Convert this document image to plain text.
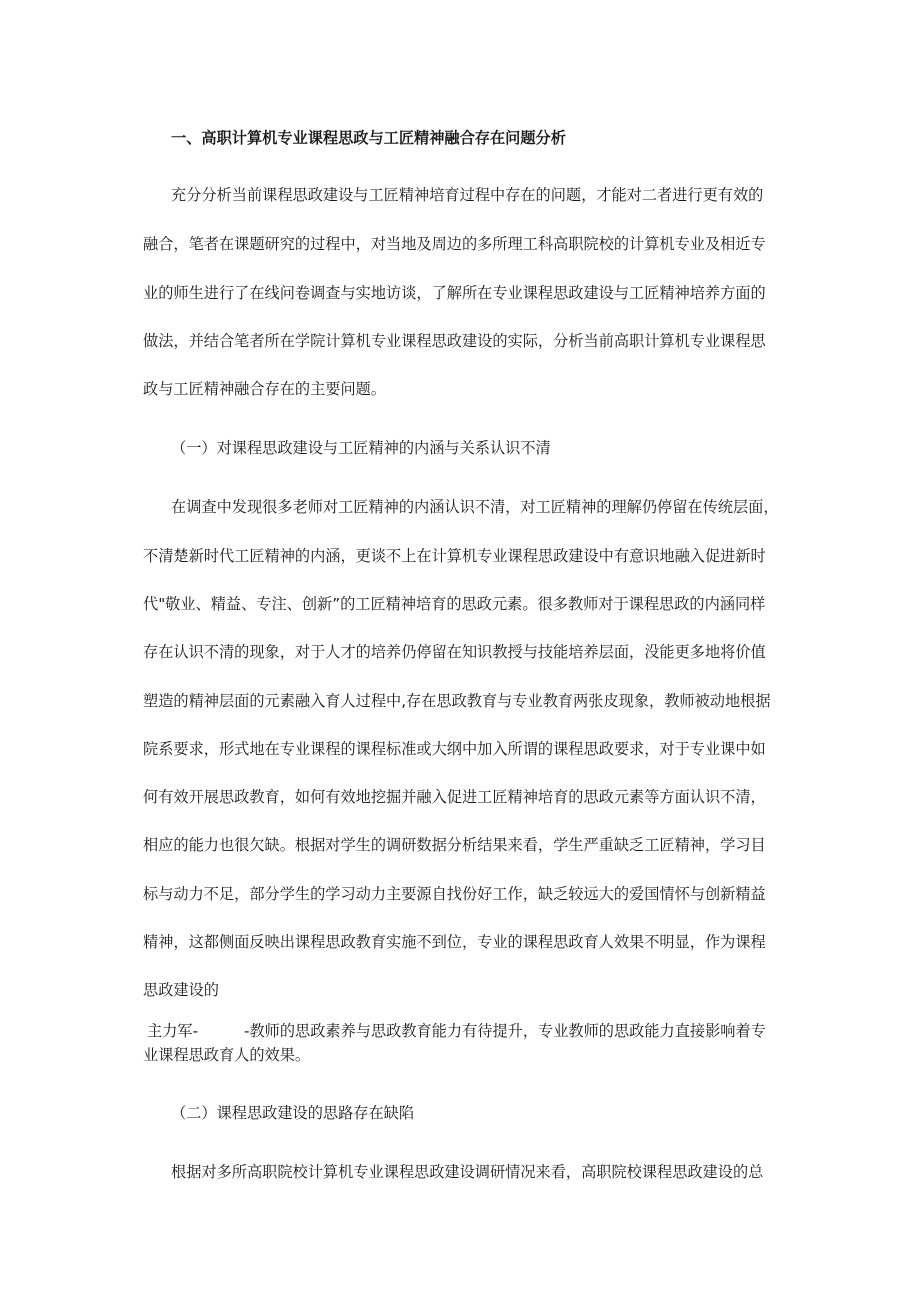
一、高职计算机专业课程思政与工匠精神融合存在问题分析
充分分析当前课程思政建设与工匠精神培育过程中存在的问题，才能对二者进行更有效的
融合，笔者在课题研究的过程中，对当地及周边的多所理工科高职院校的计算机专业及相近专
业的师生进行了在线问卷调查与实地访谈，了解所在专业课程思政建设与工匠精神培养方面的
做法，并结合笔者所在学院计算机专业课程思政建设的实际，分析当前高职计算机专业课程思
政与工匠精神融合存在的主要问题。
（一）对课程思政建设与工匠精神的内涵与关系认识不清
在调查中发现很多老师对工匠精神的内涵认识不清，对工匠精神的理解仍停留在传统层面，
不清楚新时代工匠精神的内涵，更谈不上在计算机专业课程思政建设中有意识地融入促进新时
代"敬业、精益、专注、创新”的工匠精神培育的思政元素。很多教师对于课程思政的内涵同样
存在认识不清的现象，对于人才的培养仍停留在知识教授与技能培养层面，没能更多地将价值
塑造的精神层面的元素融入育人过程中,存在思政教育与专业教育两张皮现象，教师被动地根据
院系要求，形式地在专业课程的课程标准或大纲中加入所谓的课程思政要求，对于专业课中如
何有效开展思政教育，如何有效地挖掘并融入促进工匠精神培育的思政元素等方面认识不清，
相应的能力也很欠缺。根据对学生的调研数据分析结果来看，学生严重缺乏工匠精神，学习目
标与动力不足，部分学生的学习动力主要源自找份好工作，缺乏较远大的爱国情怀与创新精益
精神，这都侧面反映出课程思政教育实施不到位，专业的课程思政育人效果不明显，作为课程
思政建设的
主力军-	-教师的思政素养与思政教育能力有待提升，专业教师的思政能力直接影响着专
业课程思政育人的效果。
（二）课程思政建设的思路存在缺陷
根据对多所高职院校计算机专业课程思政建设调研情况来看，高职院校课程思政建设的总
